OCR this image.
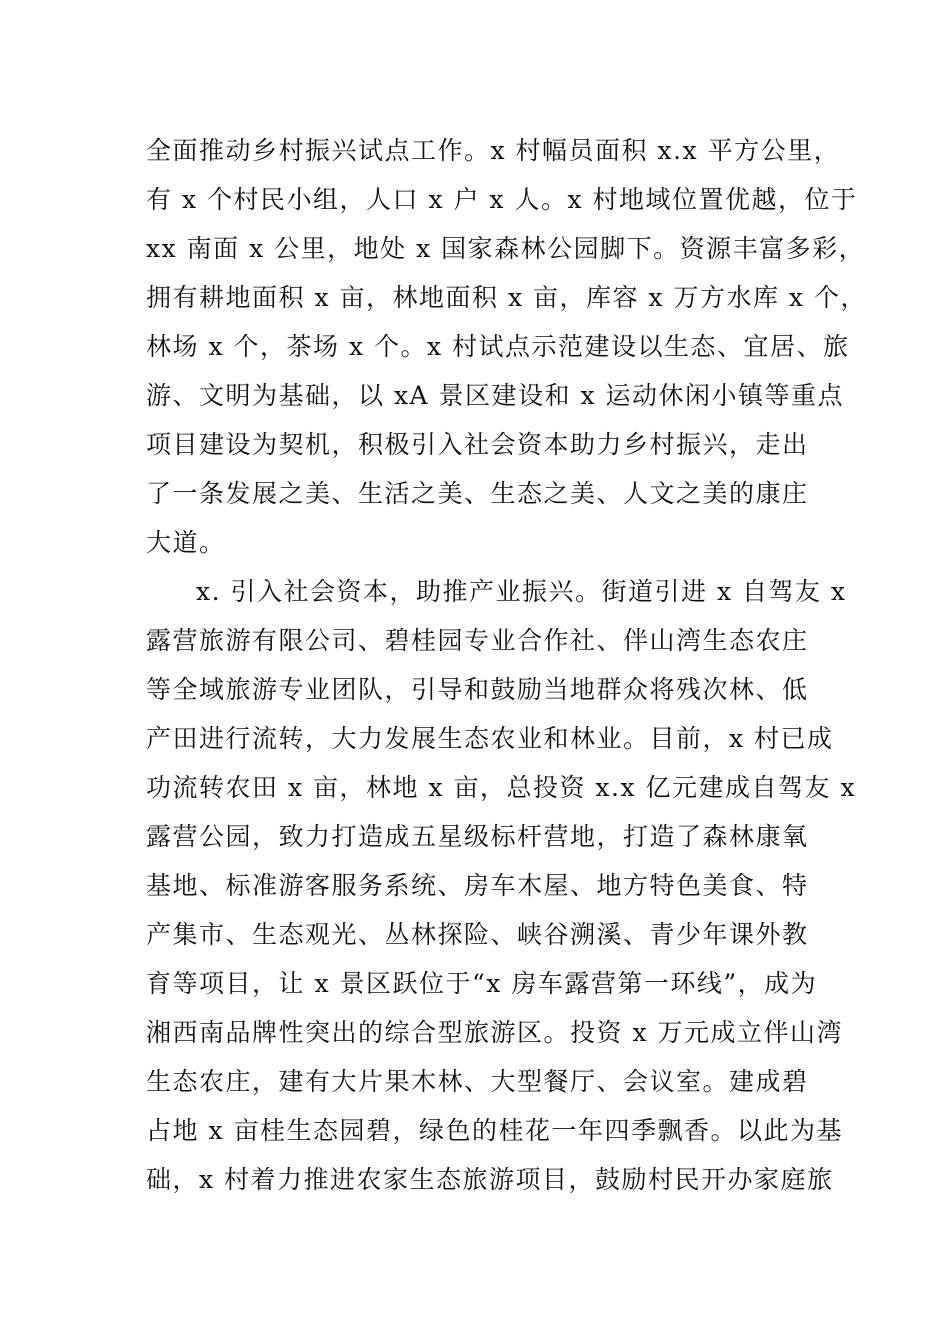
全面推动乡村振兴试点工作。x 村幅员面积 x.x 平方公里，
有 x 个村民小组，人口 x 户 x 人。x 村地域位置优越，位于
xx 南面 x 公里，地处 x 国家森林公园脚下。资源丰富多彩，
拥有耕地面积 x 亩，林地面积 x 亩，库容 x 万方水库 x 个，
林场 x 个，茶场 x 个。x 村试点示范建设以生态、宜居、旅
游、文明为基础，以 xA 景区建设和 x 运动休闲小镇等重点
项目建设为契机，积极引入社会资本助力乡村振兴，走出
了一条发展之美、生活之美、生态之美、人文之美的康庄
大道。
x. 引入社会资本，助推产业振兴。街道引进 x 自驾友 x
露营旅游有限公司、碧桂园专业合作社、伴山湾生态农庄
等全域旅游专业团队，引导和鼓励当地群众将残次林、低
产田进行流转，大力发展生态农业和林业。目前，x 村已成
功流转农田 x 亩，林地 x 亩，总投资 x.x 亿元建成自驾友 x
露营公园，致力打造成五星级标杆营地，打造了森林康氧
基地、标准游客服务系统、房车木屋、地方特色美食、特
产集市、生态观光、丛林探险、峡谷溯溪、青少年课外教
育等项目，让 x 景区跃位于“x 房车露营第一环线”，成为
湘西南品牌性突出的综合型旅游区。投资 x 万元成立伴山湾
生态农庄，建有大片果木林、大型餐厅、会议室。建成碧
占地 x 亩桂生态园碧，绿色的桂花一年四季飘香。以此为基
础，x 村着力推进农家生态旅游项目，鼓励村民开办家庭旅
